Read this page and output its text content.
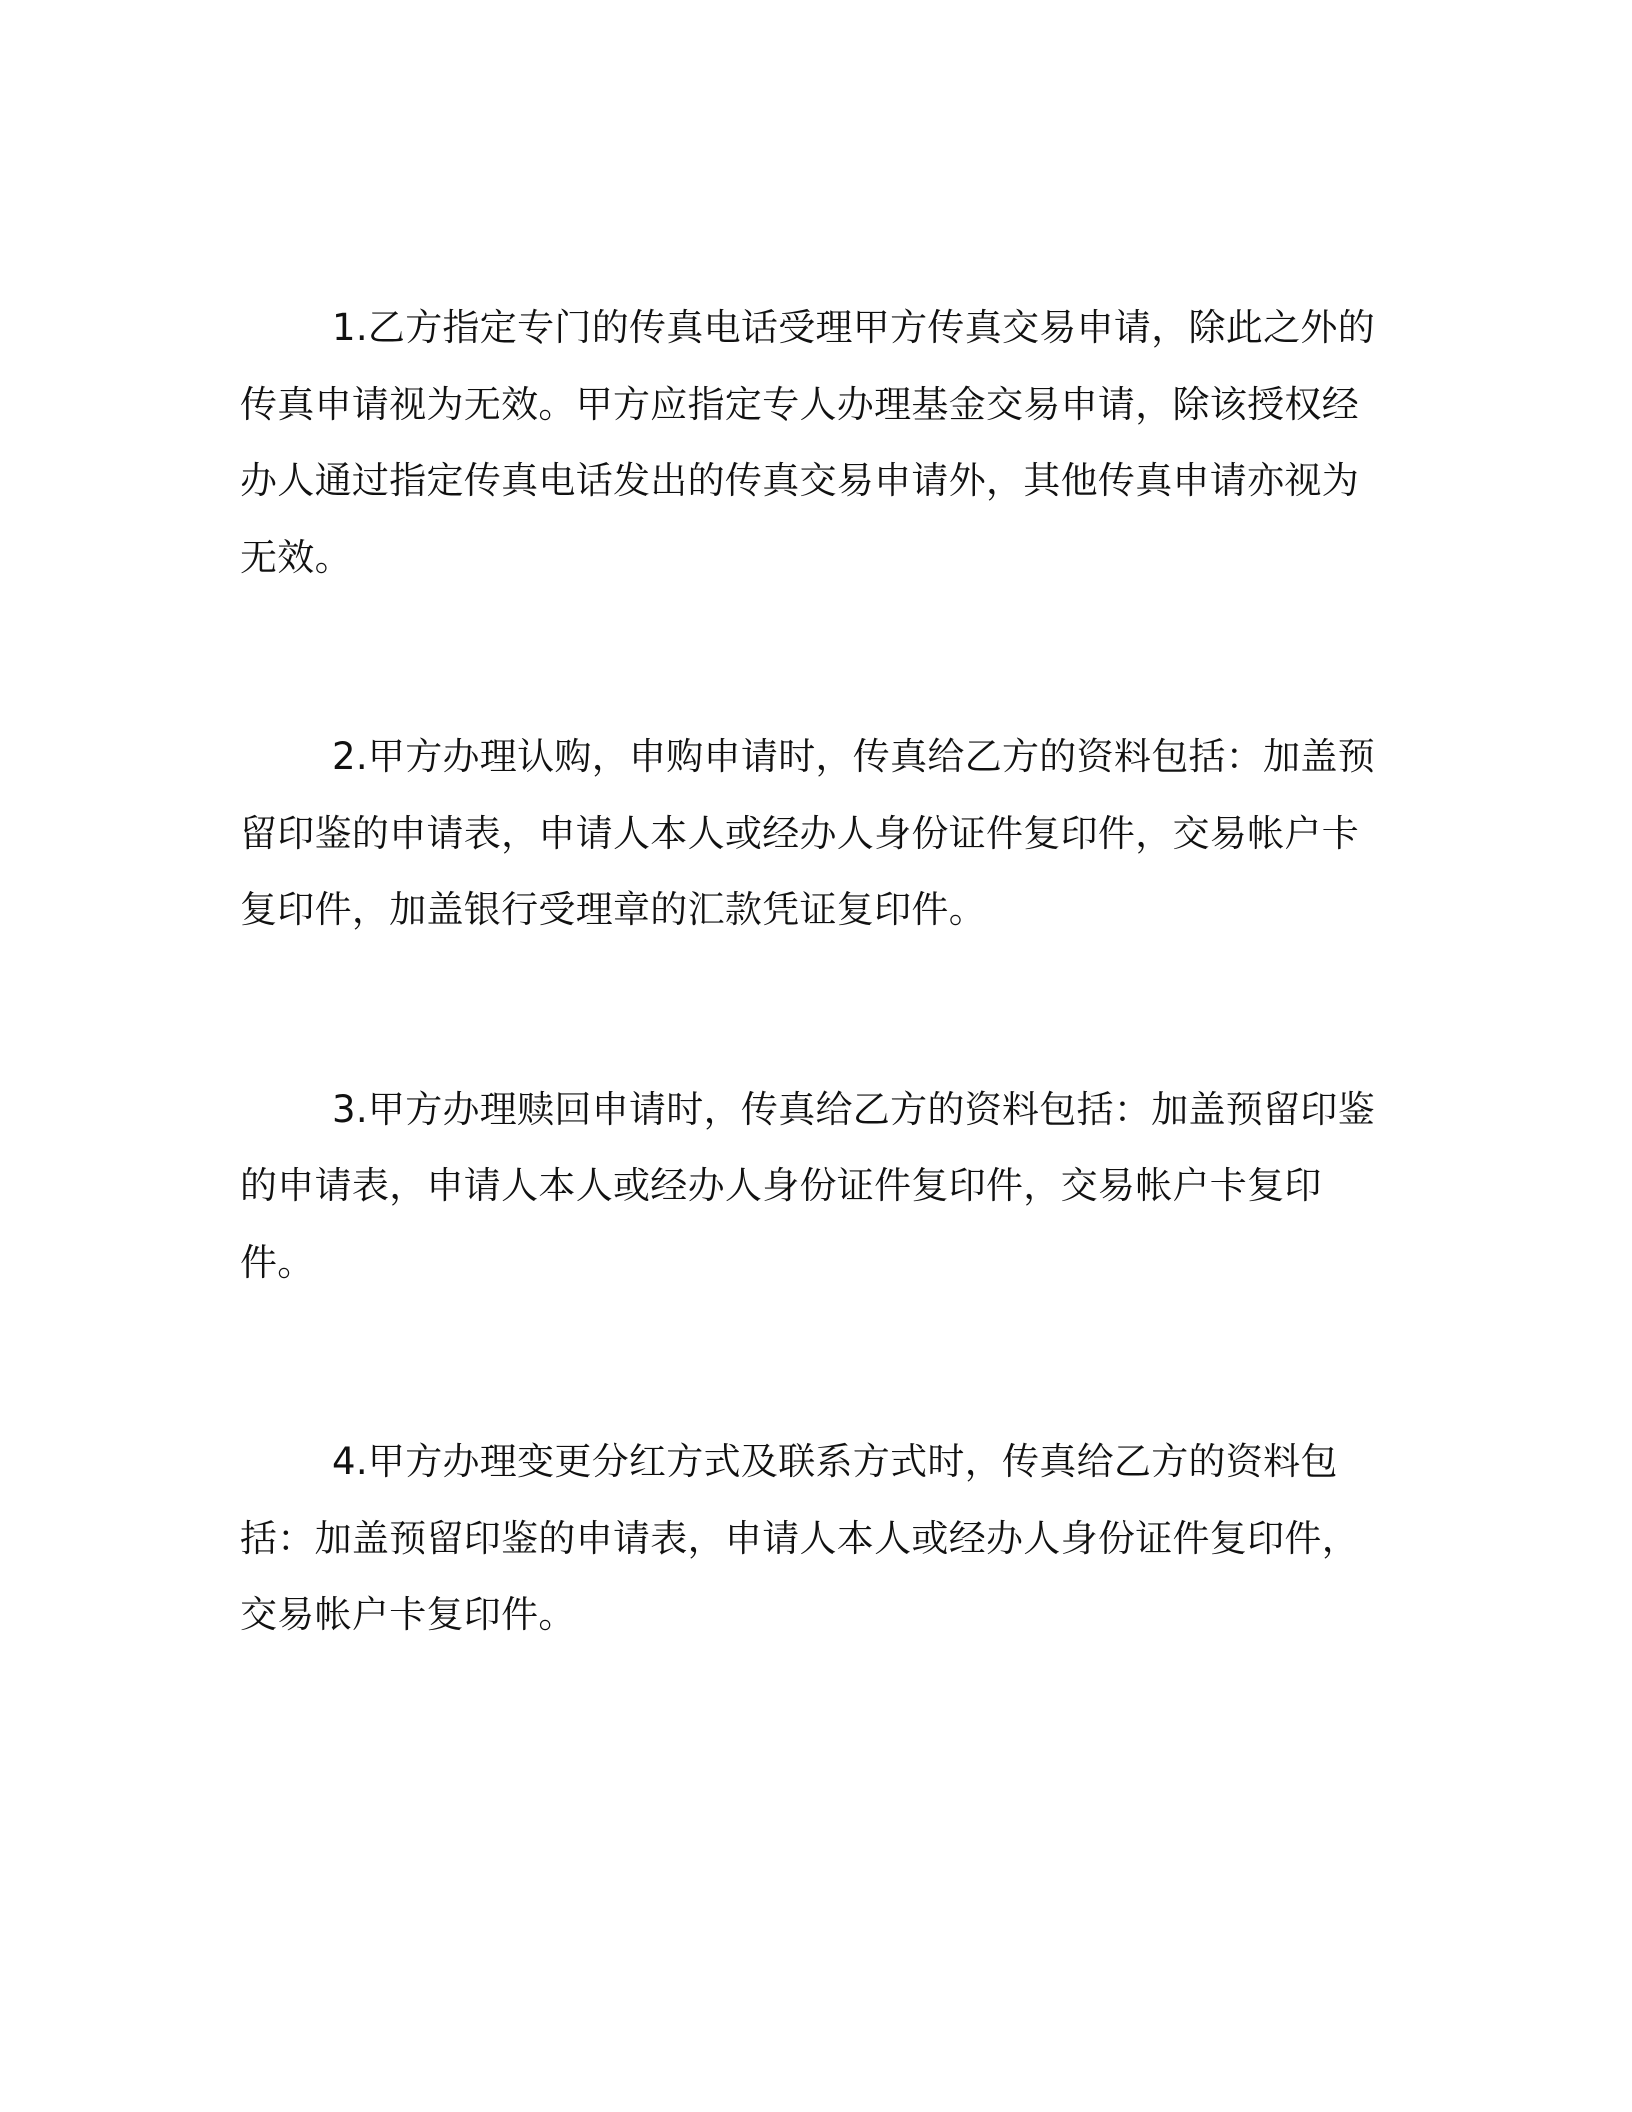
1.乙方指定专门的传真电话受理甲方传真交易申请，除此之外的传真申请视为无效。甲方应指定专人办理基金交易申请，除该授权经办人通过指定传真电话发出的传真交易申请外，其他传真申请亦视为无效。

2.甲方办理认购，申购申请时，传真给乙方的资料包括：加盖预留印鉴的申请表，申请人本人或经办人身份证件复印件，交易帐户卡复印件，加盖银行受理章的汇款凭证复印件。

3.甲方办理赎回申请时，传真给乙方的资料包括：加盖预留印鉴的申请表，申请人本人或经办人身份证件复印件，交易帐户卡复印件。

4.甲方办理变更分红方式及联系方式时，传真给乙方的资料包括：加盖预留印鉴的申请表，申请人本人或经办人身份证件复印件，交易帐户卡复印件。
